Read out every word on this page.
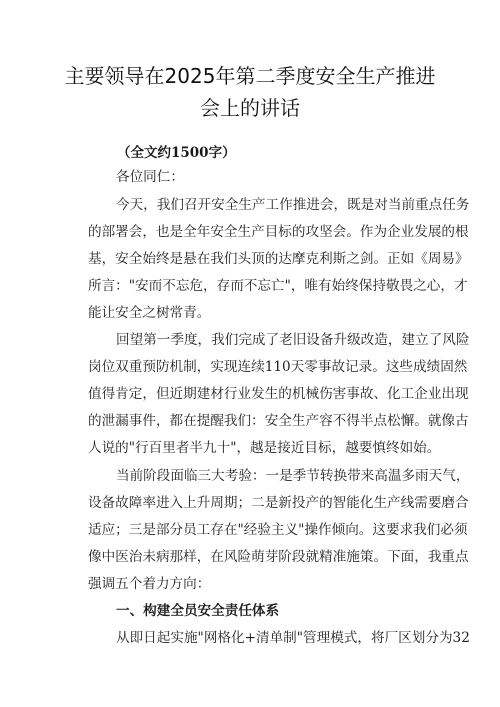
主要领导在2025年第二季度安全生产推进
会上的讲话
（全文约1500字）
各位同仁：
今天，我们召开安全生产工作推进会，既是对当前重点任务
的部署会，也是全年安全生产目标的攻坚会。作为企业发展的根
基，安全始终是悬在我们头顶的达摩克利斯之剑。正如《周易》
所言："安而不忘危，存而不忘亡"，唯有始终保持敬畏之心，才
能让安全之树常青。
回望第一季度，我们完成了老旧设备升级改造，建立了风险
岗位双重预防机制，实现连续110天零事故记录。这些成绩固然
值得肯定，但近期建材行业发生的机械伤害事故、化工企业出现
的泄漏事件，都在提醒我们：安全生产容不得半点松懈。就像古
人说的"行百里者半九十"，越是接近目标，越要慎终如始。
当前阶段面临三大考验：一是季节转换带来高温多雨天气，
设备故障率进入上升周期；二是新投产的智能化生产线需要磨合
适应；三是部分员工存在"经验主义"操作倾向。这要求我们必须
像中医治未病那样，在风险萌芽阶段就精准施策。下面，我重点
强调五个着力方向：
一、构建全员安全责任体系
从即日起实施"网格化+清单制"管理模式，将厂区划分为32
